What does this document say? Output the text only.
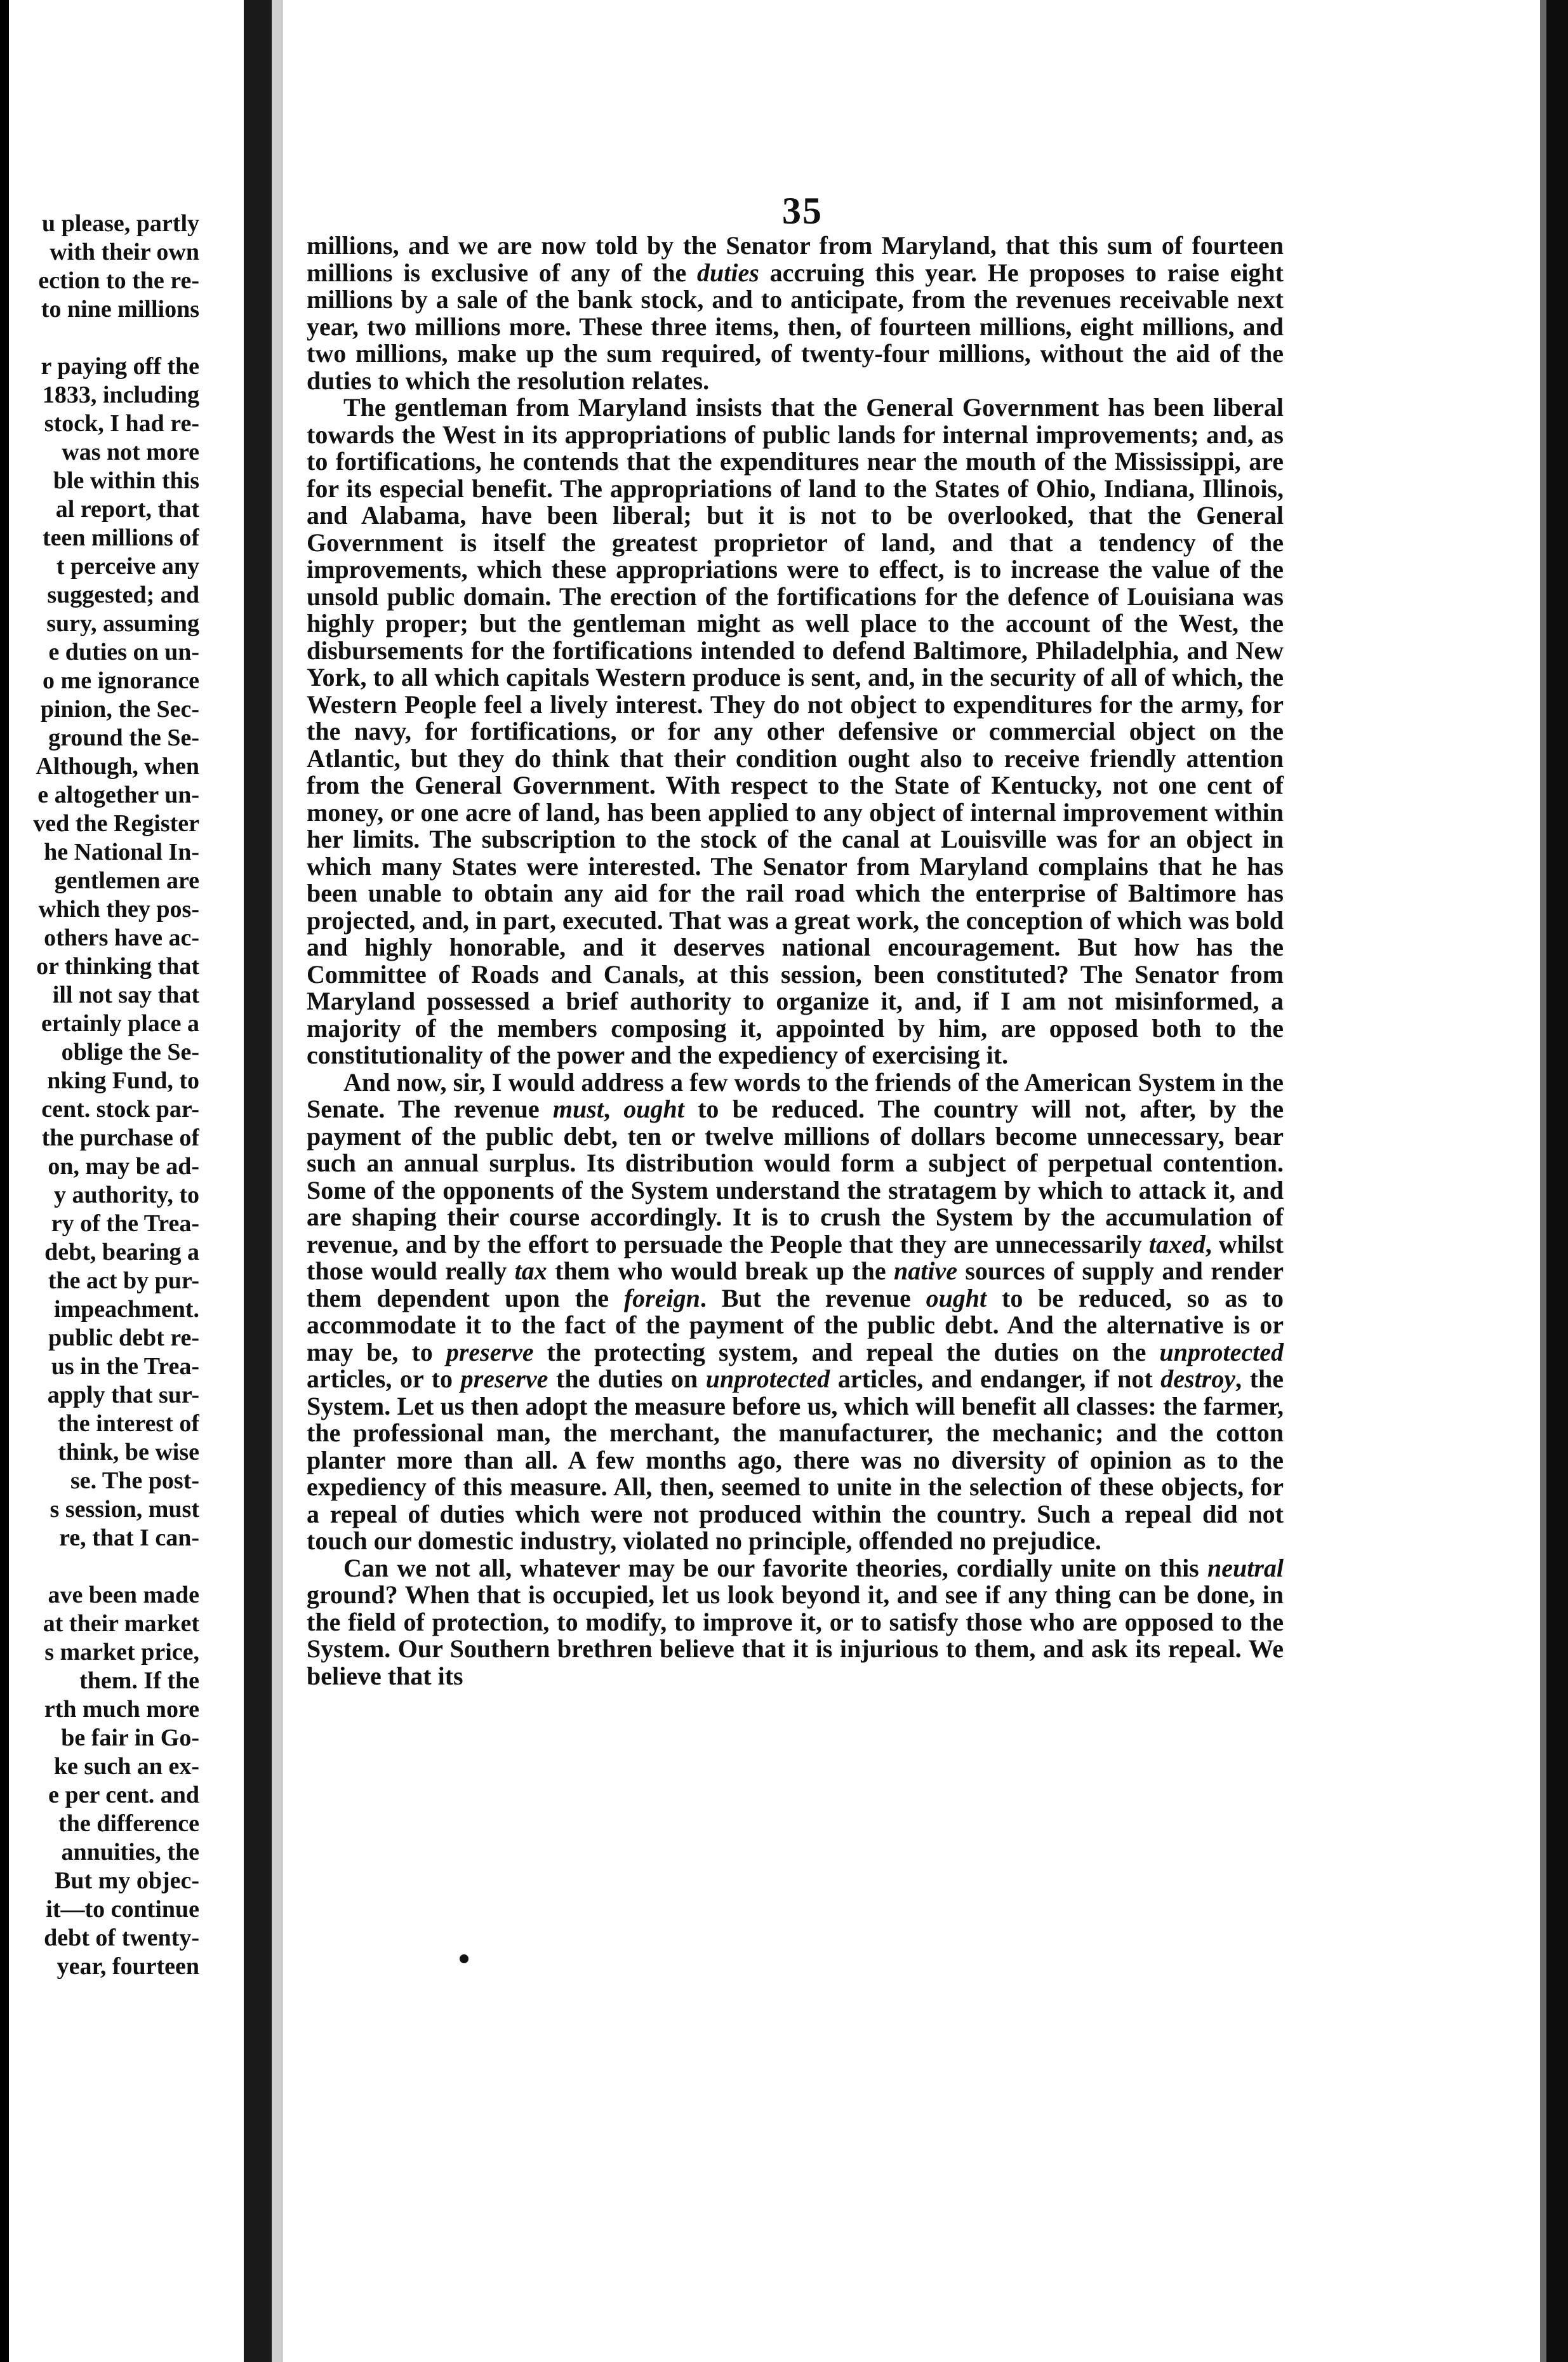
u please, partly
with their own
ection to the re-
to nine millions
r paying off the
1833, including
stock, I had re-
was not more
ble within this
al report, that
teen millions of
t perceive any
suggested; and
sury, assuming
e duties on un-
o me ignorance
pinion, the Sec-
ground the Se-
Although, when
e altogether un-
ved the Register
he National In-
gentlemen are
which they pos-
others have ac-
or thinking that
ill not say that
ertainly place a
oblige the Se-
nking Fund, to
cent. stock par-
the purchase of
on, may be ad-
y authority, to
ry of the Trea-
debt, bearing a
the act by pur-
impeachment.
public debt re-
us in the Trea-
apply that sur-
the interest of
think, be wise
se. The post-
s session, must
re, that I can-
ave been made
at their market
s market price,
them. If the
rth much more
be fair in Go-
ke such an ex-
e per cent. and
the difference
annuities, the
But my objec-
it—to continue
debt of twenty-
year, fourteen
35

millions, and we are now told by the Senator from Maryland, that this sum of fourteen millions is exclusive of any of the duties accruing this year. He proposes to raise eight millions by a sale of the bank stock, and to anticipate, from the revenues receivable next year, two millions more. These three items, then, of fourteen millions, eight millions, and two millions, make up the sum required, of twenty-four millions, without the aid of the duties to which the resolution relates.

The gentleman from Maryland insists that the General Government has been liberal towards the West in its appropriations of public lands for internal improvements; and, as to fortifications, he contends that the expenditures near the mouth of the Mississippi, are for its especial benefit. The appropriations of land to the States of Ohio, Indiana, Illinois, and Alabama, have been liberal; but it is not to be overlooked, that the General Government is itself the greatest proprietor of land, and that a tendency of the improvements, which these appropriations were to effect, is to increase the value of the unsold public domain. The erection of the fortifications for the defence of Louisiana was highly proper; but the gentleman might as well place to the account of the West, the disbursements for the fortifications intended to defend Baltimore, Philadelphia, and New York, to all which capitals Western produce is sent, and, in the security of all of which, the Western People feel a lively interest. They do not object to expenditures for the army, for the navy, for fortifications, or for any other defensive or commercial object on the Atlantic, but they do think that their condition ought also to receive friendly attention from the General Government. With respect to the State of Kentucky, not one cent of money, or one acre of land, has been applied to any object of internal improvement within her limits. The subscription to the stock of the canal at Louisville was for an object in which many States were interested. The Senator from Maryland complains that he has been unable to obtain any aid for the rail road which the enterprise of Baltimore has projected, and, in part, executed. That was a great work, the conception of which was bold and highly honorable, and it deserves national encouragement. But how has the Committee of Roads and Canals, at this session, been constituted? The Senator from Maryland possessed a brief authority to organize it, and, if I am not misinformed, a majority of the members composing it, appointed by him, are opposed both to the constitutionality of the power and the expediency of exercising it.

And now, sir, I would address a few words to the friends of the American System in the Senate. The revenue must, ought to be reduced. The country will not, after, by the payment of the public debt, ten or twelve millions of dollars become unnecessary, bear such an annual surplus. Its distribution would form a subject of perpetual contention. Some of the opponents of the System understand the stratagem by which to attack it, and are shaping their course accordingly. It is to crush the System by the accumulation of revenue, and by the effort to persuade the People that they are unnecessarily taxed, whilst those would really tax them who would break up the native sources of supply and render them dependent upon the foreign. But the revenue ought to be reduced, so as to accommodate it to the fact of the payment of the public debt. And the alternative is or may be, to preserve the protecting system, and repeal the duties on the unprotected articles, or to preserve the duties on unprotected articles, and endanger, if not destroy, the System. Let us then adopt the measure before us, which will benefit all classes: the farmer, the professional man, the merchant, the manufacturer, the mechanic; and the cotton planter more than all. A few months ago, there was no diversity of opinion as to the expediency of this measure. All, then, seemed to unite in the selection of these objects, for a repeal of duties which were not produced within the country. Such a repeal did not touch our domestic industry, violated no principle, offended no prejudice.

Can we not all, whatever may be our favorite theories, cordially unite on this neutral ground? When that is occupied, let us look beyond it, and see if any thing can be done, in the field of protection, to modify, to improve it, or to satisfy those who are opposed to the System. Our Southern brethren believe that it is injurious to them, and ask its repeal. We believe that its
